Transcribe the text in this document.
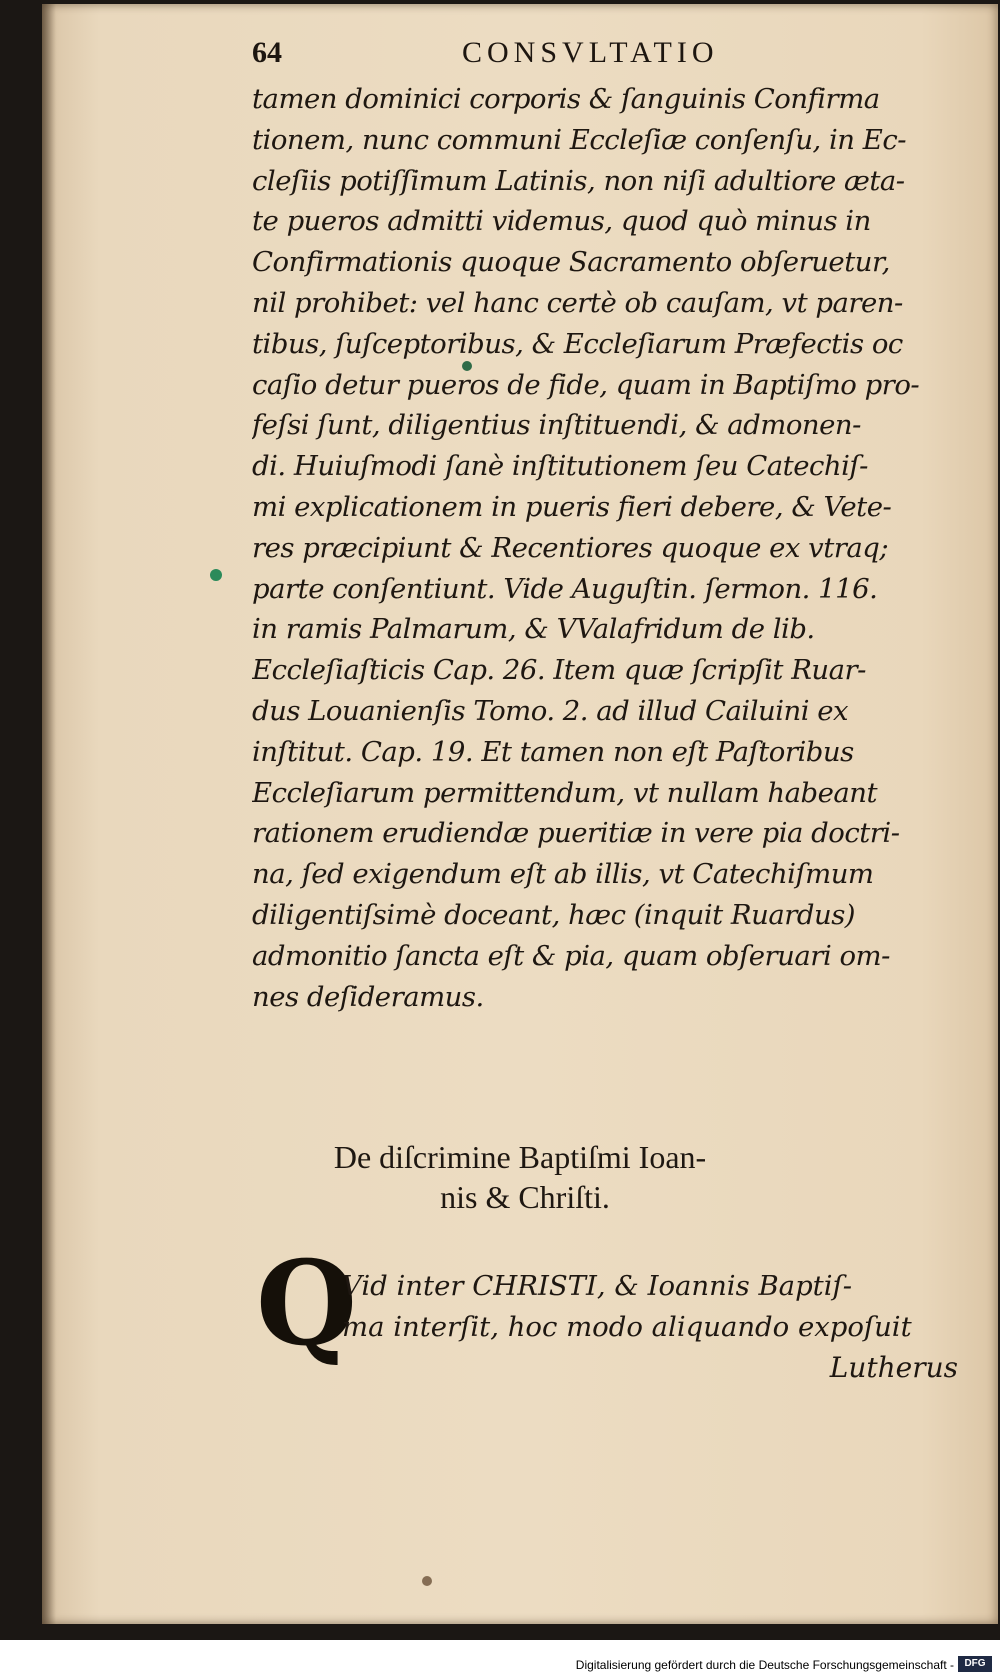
64	CONSVLTATIO

tamen dominici corporis & ſanguinis Confirma
tionem, nunc communi Eccleſiæ conſenſu, in Ec-
cleſiis potiſſimum Latinis, non niſi adultiore æta-
te pueros admitti videmus, quod quò minus in
Confirmationis quoque Sacramento obſeruetur,
nil prohibet: vel hanc certè ob cauſam, vt paren-
tibus, ſuſceptoribus, & Eccleſiarum Præfectis oc
caſio detur pueros de fide, quam in Baptiſmo pro-
feſsi ſunt, diligentius inſtituendi, & admonen-
di. Huiuſmodi ſanè inſtitutionem ſeu Catechiſ-
mi explicationem in pueris fieri debere, & Vete-
res præcipiunt & Recentiores quoque ex vtraq;
parte conſentiunt. Vide Auguſtin. ſermon. 116.
in ramis Palmarum, & VValafridum de lib.
Eccleſiaſticis Cap. 26. Item quæ ſcripſit Ruar-
dus Louanienſis Tomo. 2. ad illud Cailuini ex
inſtitut. Cap. 19. Et tamen non eſt Paſtoribus
Eccleſiarum permittendum, vt nullam habeant
rationem erudiendæ pueritiæ in vere pia doctri-
na, ſed exigendum eſt ab illis, vt Catechiſmum
diligentiſsimè doceant, hæc (inquit Ruardus)
admonitio ſancta eſt & pia, quam obſeruari om-
nes deſideramus.

De diſcrimine Baptiſmi Ioan-
nis & Chriſti.
Q
Vid inter CHRISTI, & Ioannis Baptiſ-
ma interſit, hoc modo aliquando expoſuit
Lutherus
Digitalisierung gefördert durch die Deutsche Forschungsgemeinschaft -	DFG
